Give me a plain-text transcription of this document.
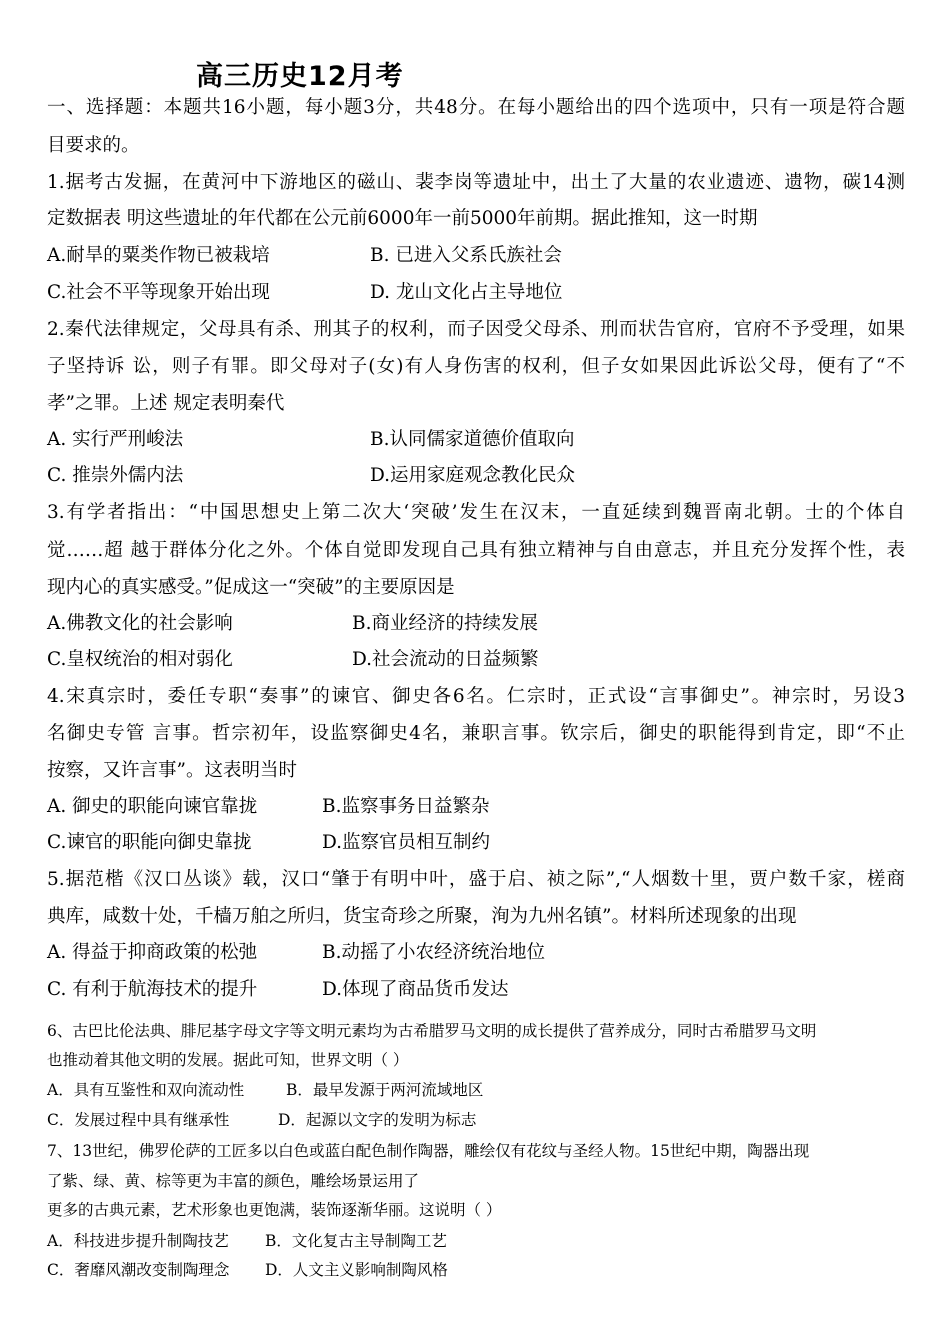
高三历史12月考
一、选择题：本题共16小题，每小题3分，共48分。在每小题给出的四个选项中，只有一项是符合题
目要求的。
1.据考古发掘，在黄河中下游地区的磁山、裴李岗等遗址中，出土了大量的农业遗迹、遗物，碳14测
定数据表 明这些遗址的年代都在公元前6000年一前5000年前期。据此推知，这一时期
A.耐旱的粟类作物已被栽培	B. 已进入父系氏族社会
C.社会不平等现象开始出现	D. 龙山文化占主导地位
2.秦代法律规定，父母具有杀、刑其子的权利，而子因受父母杀、刑而状告官府，官府不予受理，如果
子坚持诉 讼，则子有罪。即父母对子(女)有人身伤害的权利，但子女如果因此诉讼父母，便有了“不
孝”之罪。上述 规定表明秦代
A. 实行严刑峻法	B.认同儒家道德价值取向
C. 推崇外儒内法	D.运用家庭观念教化民众
3.有学者指出：“中国思想史上第二次大‘突破’发生在汉末，一直延续到魏晋南北朝。士的个体自
觉……超 越于群体分化之外。个体自觉即发现自己具有独立精神与自由意志，并且充分发挥个性，表
现内心的真实感受。”促成这一“突破”的主要原因是
A.佛教文化的社会影响	B.商业经济的持续发展
C.皇权统治的相对弱化	D.社会流动的日益频繁
4.宋真宗时，委任专职“奏事”的谏官、御史各6名。仁宗时，正式设“言事御史”。神宗时，另设3
名御史专管 言事。哲宗初年，设监察御史4名，兼职言事。钦宗后，御史的职能得到肯定，即“不止
按察，又许言事”。这表明当时
A. 御史的职能向谏官靠拢	B.监察事务日益繁杂
C.谏官的职能向御史靠拢	D.监察官员相互制约
5.据范楷《汉口丛谈》载，汉口“肇于有明中叶，盛于启、祯之际”,“人烟数十里，贾户数千家，槎商
典库，咸数十处，千樯万舶之所归，货宝奇珍之所聚，洵为九州名镇”。材料所述现象的出现
A. 得益于抑商政策的松弛	B.动摇了小农经济统治地位
C. 有利于航海技术的提升	D.体现了商品货币发达
6、古巴比伦法典、腓尼基字母文字等文明元素均为古希腊罗马文明的成长提供了营养成分，同时古希腊罗马文明
也推动着其他文明的发展。据此可知，世界文明（ ）
A．具有互鉴性和双向流动性	B．最早发源于两河流域地区
C．发展过程中具有继承性	D．起源以文字的发明为标志
7、13世纪，佛罗伦萨的工匠多以白色或蓝白配色制作陶器，雕绘仅有花纹与圣经人物。15世纪中期，陶器出现
了紫、绿、黄、棕等更为丰富的颜色，雕绘场景运用了
更多的古典元素，艺术形象也更饱满，装饰逐渐华丽。这说明（ ）
A．科技进步提升制陶技艺 B．文化复古主导制陶工艺
C．奢靡风潮改变制陶理念 D．人文主义影响制陶风格
